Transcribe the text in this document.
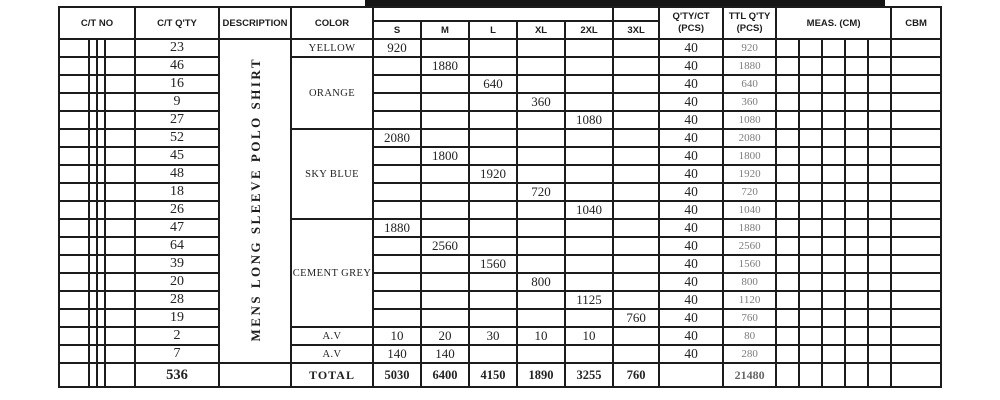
C/T NO				C/T Q'TY	DESCRIPTION	COLOR							Q'TY/CT
(PCS)	TTL Q'TY
(PCS)	MEAS. (CM)					CBM
							S	M	L	XL	2XL	3XL								
				23	MENS LONG SLEEVE POLO SHIRT	YELLOW	920						40	920						
				46		ORANGE		1880					40	1880						
				16					640				40	640						
				9						360			40	360						
				27							1080		40	1080						
				52		SKY BLUE	2080						40	2080						
				45				1800					40	1800						
				48					1920				40	1920						
				18						720			40	720						
				26							1040		40	1040						
				47		CEMENT GREY	1880						40	1880						
				64				2560					40	2560						
				39					1560				40	1560						
				20						800			40	800						
				28							1125		40	1120						
				19								760	40	760						
				2		A.V	10	20	30	10	10		40	80						
				7		A.V	140	140					40	280						
				536		TOTAL	5030	6400	4150	1890	3255	760		21480						
